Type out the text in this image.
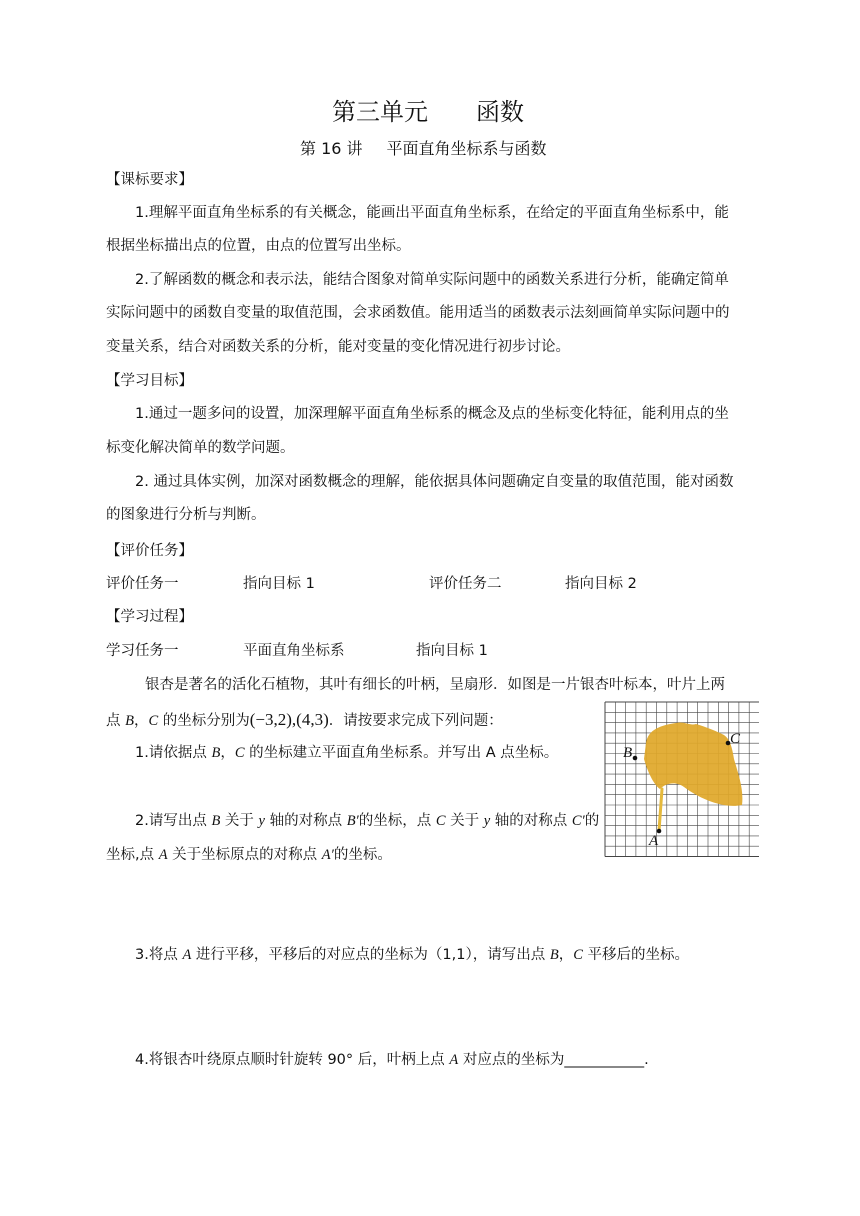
第三单元 函数
第 16 讲 平面直角坐标系与函数
【课标要求】
1.理解平面直角坐标系的有关概念，能画出平面直角坐标系，在给定的平面直角坐标系中，能
根据坐标描出点的位置，由点的位置写出坐标。
2.了解函数的概念和表示法，能结合图象对简单实际问题中的函数关系进行分析，能确定简单
实际问题中的函数自变量的取值范围，会求函数值。能用适当的函数表示法刻画简单实际问题中的
变量关系，结合对函数关系的分析，能对变量的变化情况进行初步讨论。
【学习目标】
1.通过一题多问的设置，加深理解平面直角坐标系的概念及点的坐标变化特征，能利用点的坐
标变化解决简单的数学问题。
2. 通过具体实例，加深对函数概念的理解，能依据具体问题确定自变量的取值范围，能对函数
的图象进行分析与判断。
【评价任务】
评价任务一	指向目标 1	评价任务二	指向目标 2
【学习过程】
学习任务一	平面直角坐标系	指向目标 1
银杏是著名的活化石植物，其叶有细长的叶柄，呈扇形．如图是一片银杏叶标本，叶片上两
点 B，C 的坐标分别为(−3,2),(4,3)．请按要求完成下列问题：
1.请依据点 B，C 的坐标建立平面直角坐标系。并写出 A 点坐标。
2.请写出点 B 关于 y 轴的对称点 B′的坐标，点 C 关于 y 轴的对称点 C′的
坐标,点 A 关于坐标原点的对称点 A′的坐标。
3.将点 A 进行平移，平移后的对应点的坐标为（1,1），请写出点 B，C 平移后的坐标。
4.将银杏叶绕原点顺时针旋转 90° 后，叶柄上点 A 对应点的坐标为___________.
B
C
A
